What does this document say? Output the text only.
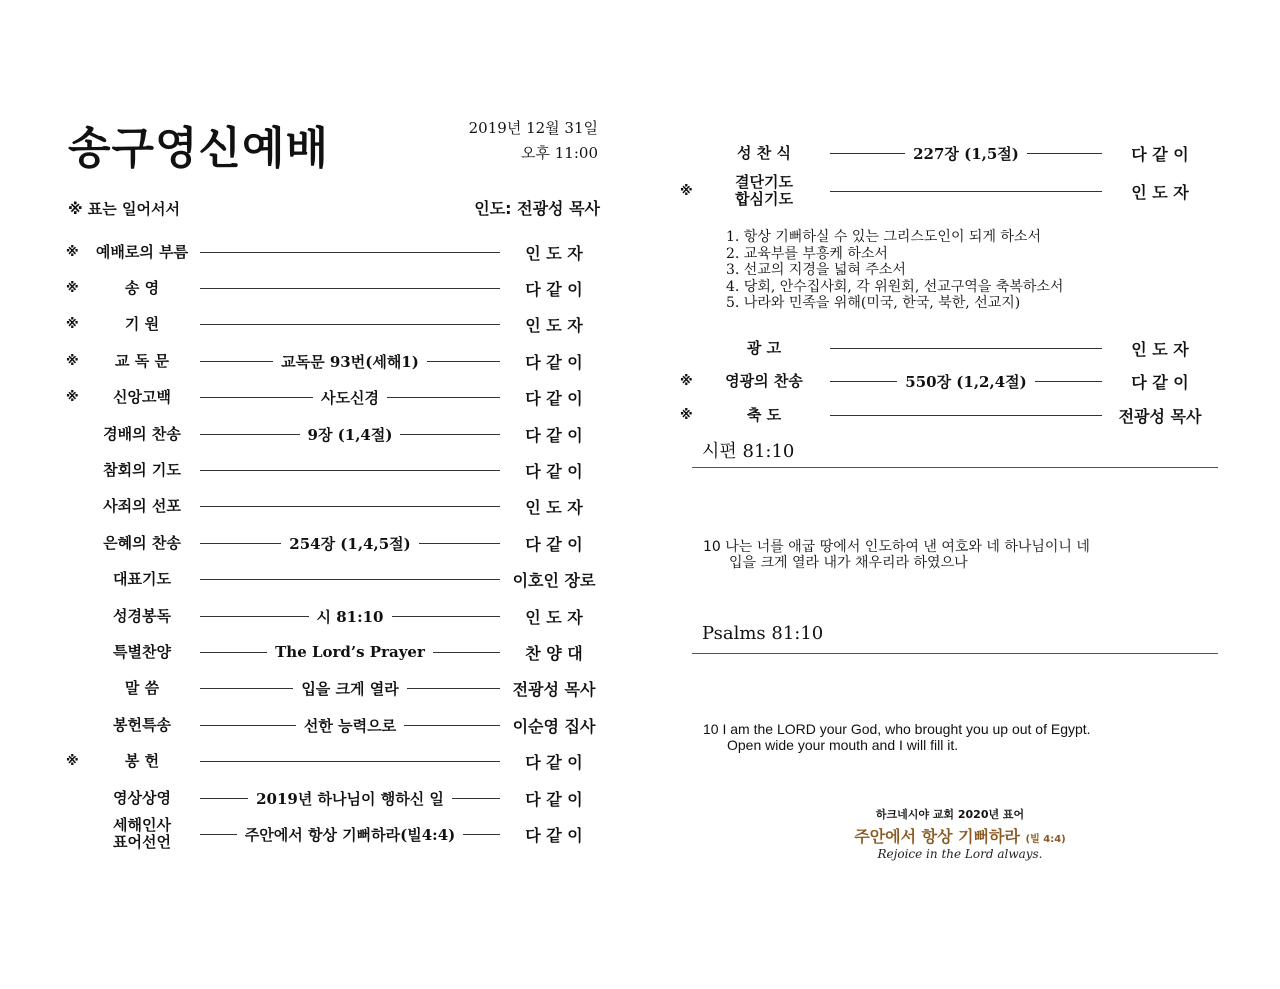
송구영신예배	2019년 12월 31일
오후 11:00
※ 표는 일어서서	인도: 전광성 목사
※	예배로의 부름	인 도 자
※	송 영	다 같 이
※	기 원	인 도 자
※	교 독 문	교독문 93번(세해1)	다 같 이
※	신앙고백	사도신경	다 같 이
경배의 찬송	9장 (1,4절)	다 같 이
참회의 기도	다 같 이
사죄의 선포	인 도 자
은혜의 찬송	254장 (1,4,5절)	다 같 이
대표기도	이호인 장로
성경봉독	시 81:10	인 도 자
특별찬양	The Lord’s Prayer	찬 양 대
말 씀	입을 크게 열라	전광성 목사
봉헌특송	선한 능력으로	이순영 집사
※	봉 헌	다 같 이
영상상영	2019년 하나님이 행하신 일	다 같 이
세해인사
표어선언	주안에서 항상 기뻐하라(빌4:4)	다 같 이
성 찬 식	227장 (1,5절)	다 같 이
※	결단기도
합심기도	인 도 자
1. 항상 기뻐하실 수 있는 그리스도인이 되게 하소서
2. 교육부를 부흥케 하소서
3. 선교의 지경을 넓혀 주소서
4. 당회, 안수집사회, 각 위원회, 선교구역을 축복하소서
5. 나라와 민족을 위해(미국, 한국, 북한, 선교지)
광 고	인 도 자
※	영광의 찬송	550장 (1,2,4절)	다 같 이
※	축 도	전광성 목사
시편 81:10
10 나는 너를 애굽 땅에서 인도하여 낸 여호와 네 하나님이니 네
입을 크게 열라 내가 채우리라 하였으나
Psalms 81:10
10 I am the LORD your God, who brought you up out of Egypt.
Open wide your mouth and I will fill it.
하크네시야 교회 2020년 표어
주안에서 항상 기뻐하라 (빌 4:4)
Rejoice in the Lord always.
